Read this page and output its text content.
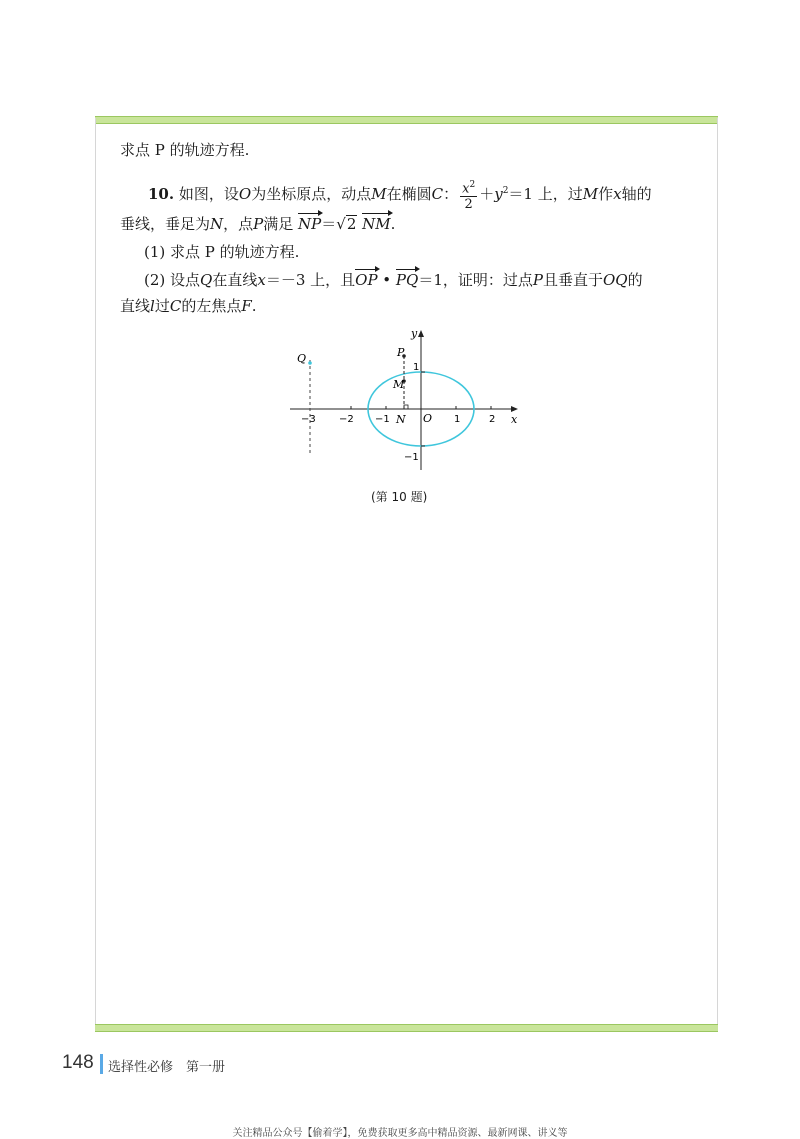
求点 P 的轨迹方程.
10. 如图，设O为坐标原点，动点M在椭圆C： $\frac{x^2}{2} +y^2=1$ 上，过M作x轴的
垂线，垂足为N，点P满足 NP＝√2 NM.
(1) 求点 P 的轨迹方程.
(2) 设点Q在直线x＝－3 上，且OP • PQ＝1，证明：过点P且垂直于OQ的
直线l过C的左焦点F.
y
x
P
M
Q
N O
1
−1
−3 −2 −1	1	2
(第 10 题)
148 选择性必修　第一册
关注精品公众号【偷着学】，免费获取更多高中精品资源、最新网课、讲义等
